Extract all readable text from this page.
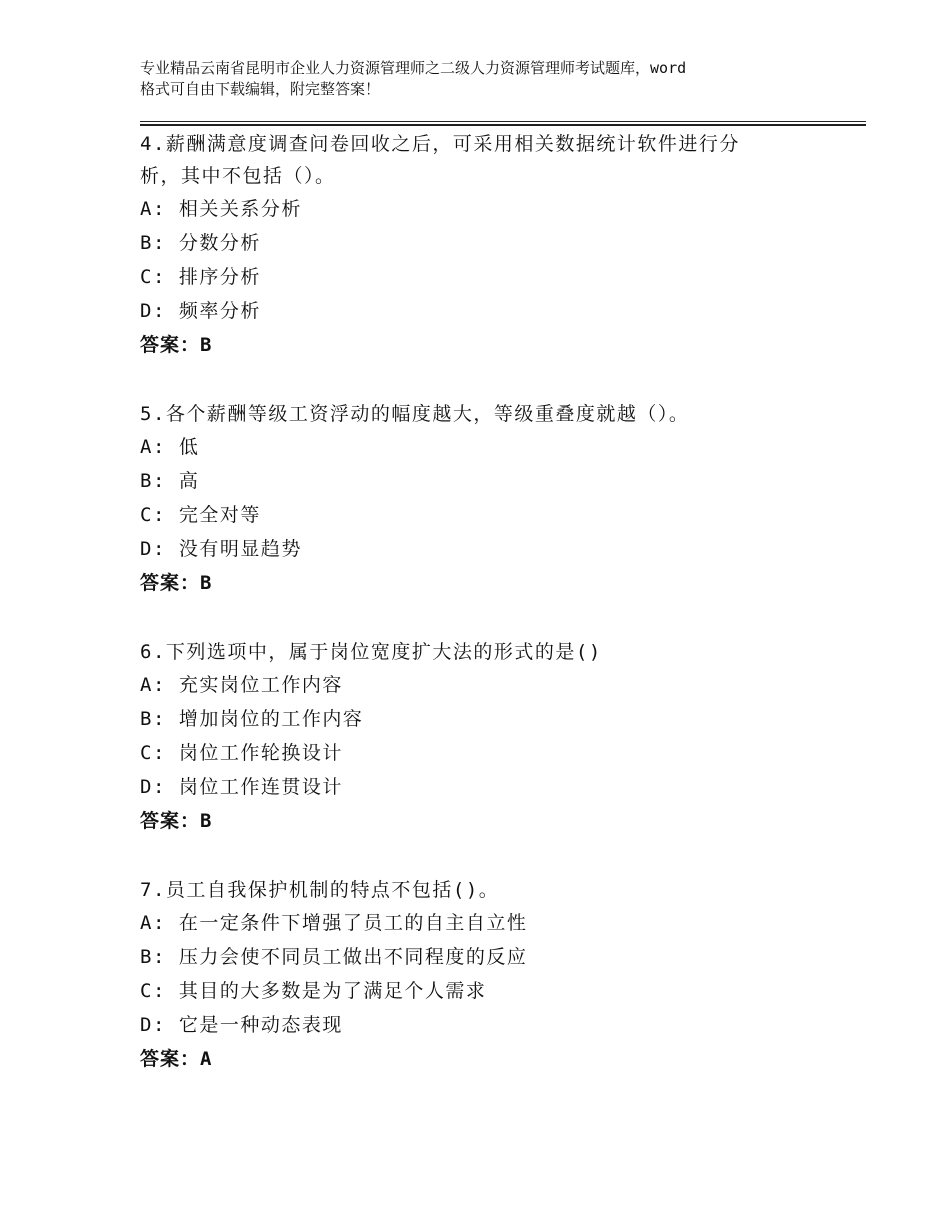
专业精品云南省昆明市企业人力资源管理师之二级人力资源管理师考试题库，word
格式可自由下载编辑，附完整答案！

4.薪酬满意度调查问卷回收之后，可采用相关数据统计软件进行分

析，其中不包括（）。

A: 相关关系分析

B: 分数分析

C: 排序分析

D: 频率分析

答案：B

5.各个薪酬等级工资浮动的幅度越大，等级重叠度就越（）。

A: 低

B: 高

C: 完全对等

D: 没有明显趋势

答案：B

6.下列选项中，属于岗位宽度扩大法的形式的是()

A: 充实岗位工作内容

B: 增加岗位的工作内容

C: 岗位工作轮换设计

D: 岗位工作连贯设计

答案：B

7.员工自我保护机制的特点不包括()。

A: 在一定条件下增强了员工的自主自立性

B: 压力会使不同员工做出不同程度的反应

C: 其目的大多数是为了满足个人需求

D: 它是一种动态表现

答案：A
